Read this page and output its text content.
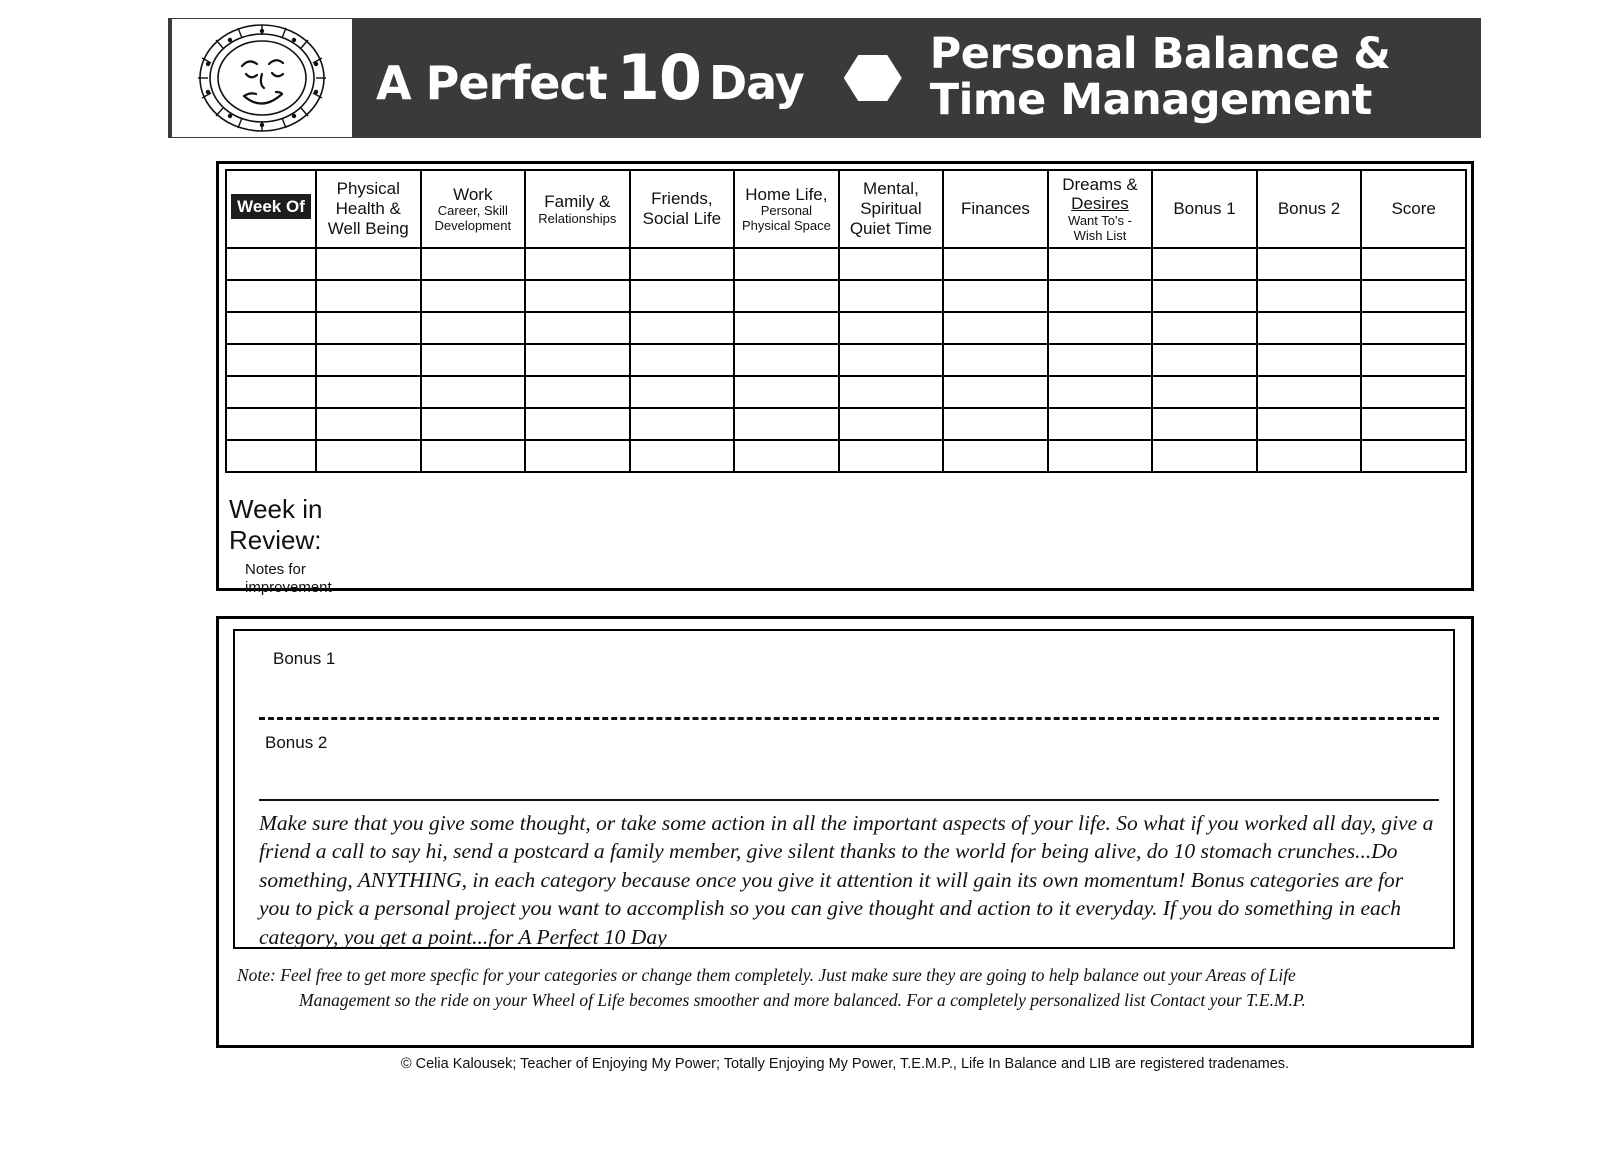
A Perfect 10 Day
Personal Balance &
Time Management
Week Of	Physical
Health &
Well Being	Work
Career, Skill
Development	Family &
Relationships	Friends,
Social Life	Home Life,
Personal
Physical Space	Mental,
Spiritual
Quiet Time	Finances	Dreams &
Desires
Want To's -
Wish List	Bonus 1	Bonus 2	Score

Week in
Review:
Notes for
improvement
Bonus 1
Bonus 2
Make sure that you give some thought, or take some action in all the important aspects of your life. So what if you worked all day, give a friend a call to say hi, send a postcard a family member, give silent thanks to the world for being alive, do 10 stomach crunches...Do something, ANYTHING, in each category because once you give it attention it will gain its own momentum! Bonus categories are for you to pick a personal project you want to accomplish so you can give thought and action to it everyday. If you do something in each category, you get a point...for A Perfect 10 Day
Note: Feel free to get more specfic for your categories or change them completely. Just make sure they are going to help balance out your Areas of Life
Management so the ride on your Wheel of Life becomes smoother and more balanced. For a completely personalized list Contact your T.E.M.P.
© Celia Kalousek; Teacher of Enjoying My Power; Totally Enjoying My Power, T.E.M.P., Life In Balance and LIB are registered tradenames.
